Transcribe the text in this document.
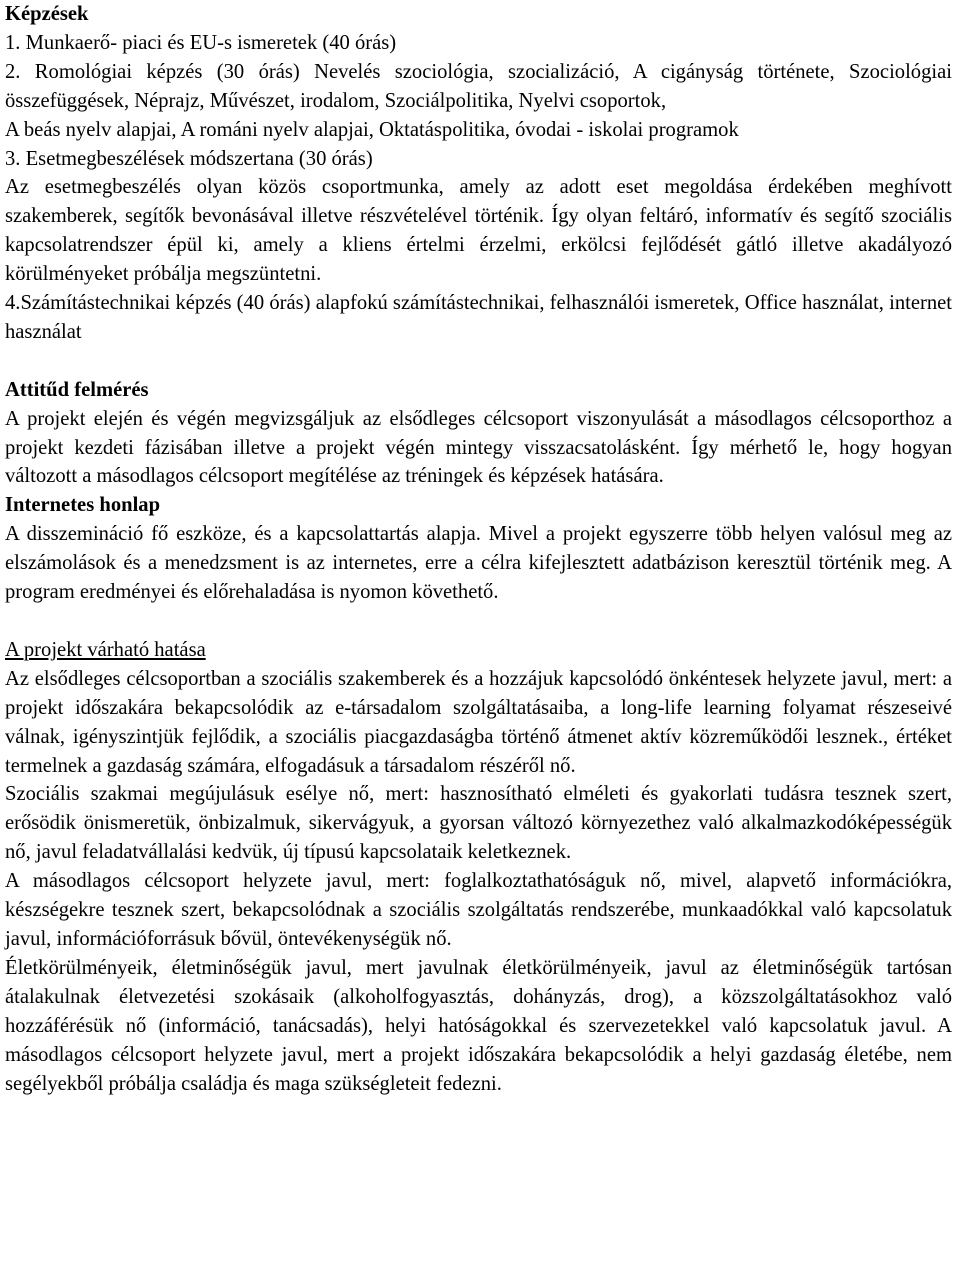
Képzések
1. Munkaerő- piaci és EU-s ismeretek (40 órás)
2. Romológiai képzés (30 órás) Nevelés szociológia, szocializáció, A cigányság története, Szociológiai összefüggések, Néprajz, Művészet, irodalom, Szociálpolitika, Nyelvi csoportok,
A beás nyelv alapjai, A románi nyelv alapjai, Oktatáspolitika, óvodai - iskolai programok
3. Esetmegbeszélések módszertana (30 órás)
Az esetmegbeszélés olyan közös csoportmunka, amely az adott eset megoldása érdekében meghívott szakemberek, segítők bevonásával illetve részvételével történik. Így olyan feltáró, informatív és segítő szociális kapcsolatrendszer épül ki, amely a kliens értelmi érzelmi, erkölcsi fejlődését gátló illetve akadályozó körülményeket próbálja megszüntetni.
4.Számítástechnikai képzés (40 órás) alapfokú számítástechnikai, felhasználói ismeretek, Office használat, internet használat
Attitűd felmérés
A projekt elején és végén megvizsgáljuk az elsődleges célcsoport viszonyulását a másodlagos célcsoporthoz a projekt kezdeti fázisában illetve a projekt végén mintegy visszacsatolásként. Így mérhető le, hogy hogyan változott a másodlagos célcsoport megítélése az tréningek és képzések hatására.
Internetes honlap
A disszemináció fő eszköze, és a kapcsolattartás alapja. Mivel a projekt egyszerre több helyen valósul meg az elszámolások és a menedzsment is az internetes, erre a célra kifejlesztett adatbázison keresztül történik meg. A program eredményei és előrehaladása is nyomon követhető.
A projekt várható hatása
Az elsődleges célcsoportban a szociális szakemberek és a hozzájuk kapcsolódó önkéntesek helyzete javul, mert: a projekt időszakára bekapcsolódik az e-társadalom szolgáltatásaiba, a long-life learning folyamat részeseivé válnak, igényszintjük fejlődik, a szociális piacgazdaságba történő átmenet aktív közreműködői lesznek., értéket termelnek a gazdaság számára, elfogadásuk a társadalom részéről nő.
Szociális szakmai megújulásuk esélye nő, mert: hasznosítható elméleti és gyakorlati tudásra tesznek szert, erősödik önismeretük, önbizalmuk, sikervágyuk, a gyorsan változó környezethez való alkalmazkodóképességük nő, javul feladatvállalási kedvük, új típusú kapcsolataik keletkeznek.
A másodlagos célcsoport helyzete javul, mert: foglalkoztathatóságuk nő, mivel, alapvető információkra, készségekre tesznek szert, bekapcsolódnak a szociális szolgáltatás rendszerébe, munkaadókkal való kapcsolatuk javul, információforrásuk bővül, öntevékenységük nő.
Életkörülményeik, életminőségük javul, mert javulnak életkörülményeik, javul az életminőségük tartósan átalakulnak életvezetési szokásaik (alkoholfogyasztás, dohányzás, drog), a közszolgáltatásokhoz való hozzáférésük nő (információ, tanácsadás), helyi hatóságokkal és szervezetekkel való kapcsolatuk javul. A másodlagos célcsoport helyzete javul, mert a projekt időszakára bekapcsolódik a helyi gazdaság életébe, nem segélyekből próbálja családja és maga szükségleteit fedezni.
